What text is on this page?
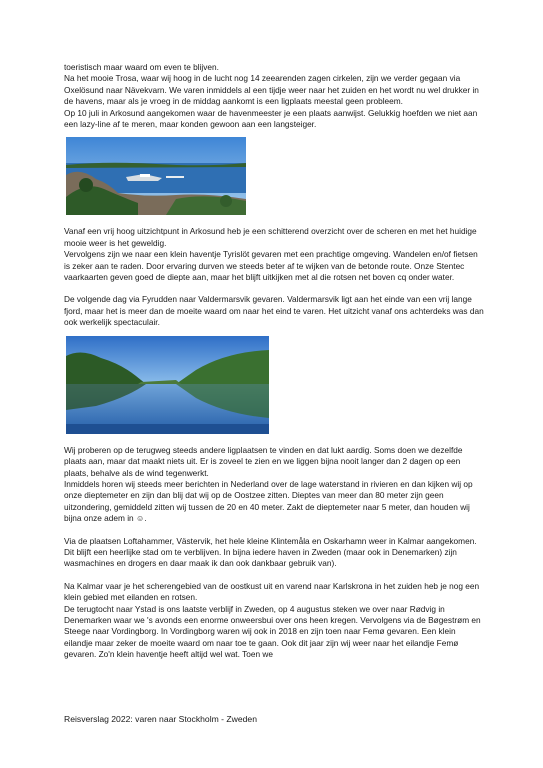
toeristisch maar waard om even te blijven.

Na het mooie Trosa, waar wij hoog in de lucht nog 14 zeearenden zagen cirkelen, zijn we verder gegaan via Oxelösund naar Nävekvarn. We varen inmiddels al een tijdje weer naar het zuiden en het wordt nu wel drukker in de havens, maar als je vroeg in de middag aankomt is een ligplaats meestal geen probleem.

Op 10 juli in Arkosund aangekomen waar de havenmeester je een plaats aanwijst. Gelukkig hoefden we niet aan een lazy-line af te meren, maar konden gewoon aan een langsteiger.

Vanaf een vrij hoog uitzichtpunt in Arkosund heb je een schitterend overzicht over de scheren en met het huidige mooie weer is het geweldig.

Vervolgens zijn we naar een klein haventje Tyrislöt gevaren met een prachtige omgeving. Wandelen en/of fietsen is zeker aan te raden. Door ervaring durven we steeds beter af te wijken van de betonde route. Onze Stentec vaarkaarten geven goed de diepte aan, maar het blijft uitkijken met al die rotsen net boven cq onder water.

De volgende dag via Fyrudden naar Valdermarsvik gevaren. Valdermarsvik ligt aan het einde van een vrij lange fjord, maar het is meer dan de moeite waard om naar het eind te varen. Het uitzicht vanaf ons achterdeks was dan ook werkelijk spectaculair.

Wij proberen op de terugweg steeds andere ligplaatsen te vinden en dat lukt aardig. Soms doen we dezelfde plaats aan, maar dat maakt niets uit. Er is zoveel te zien en we liggen bijna nooit langer dan 2 dagen op een plaats, behalve als de wind tegenwerkt.

Inmiddels horen wij steeds meer berichten in Nederland over de lage waterstand in rivieren en dan kijken wij op onze dieptemeter en zijn dan blij dat wij op de Oostzee zitten. Dieptes van meer dan 80 meter zijn geen uitzondering, gemiddeld zitten wij tussen de 20 en 40 meter. Zakt de dieptemeter naar 5 meter, dan houden wij bijna onze adem in ☺.

Via de plaatsen Loftahammer, Västervik, het hele kleine Klintemåla en Oskarhamn weer in Kalmar aangekomen. Dit blijft een heerlijke stad om te verblijven. In bijna iedere haven in Zweden (maar ook in Denemarken) zijn wasmachines en drogers en daar maak ik dan ook dankbaar gebruik van).

Na Kalmar vaar je het scherengebied van de oostkust uit en varend naar Karlskrona in het zuiden heb je nog een klein gebied met eilanden en rotsen.

De terugtocht naar Ystad is ons laatste verblijf in Zweden, op 4 augustus steken we over naar Rødvig in Denemarken waar we 's avonds een enorme onweersbui over ons heen kregen. Vervolgens via de Bøgestrøm en Steege naar Vordingborg. In Vordingborg waren wij ook in 2018 en zijn toen naar Femø gevaren. Een klein eilandje maar zeker de moeite waard om naar toe te gaan. Ook dit jaar zijn wij weer naar het eilandje Femø gevaren. Zo'n klein haventje heeft altijd wel wat. Toen we

Reisverslag 2022: varen naar Stockholm - Zweden
